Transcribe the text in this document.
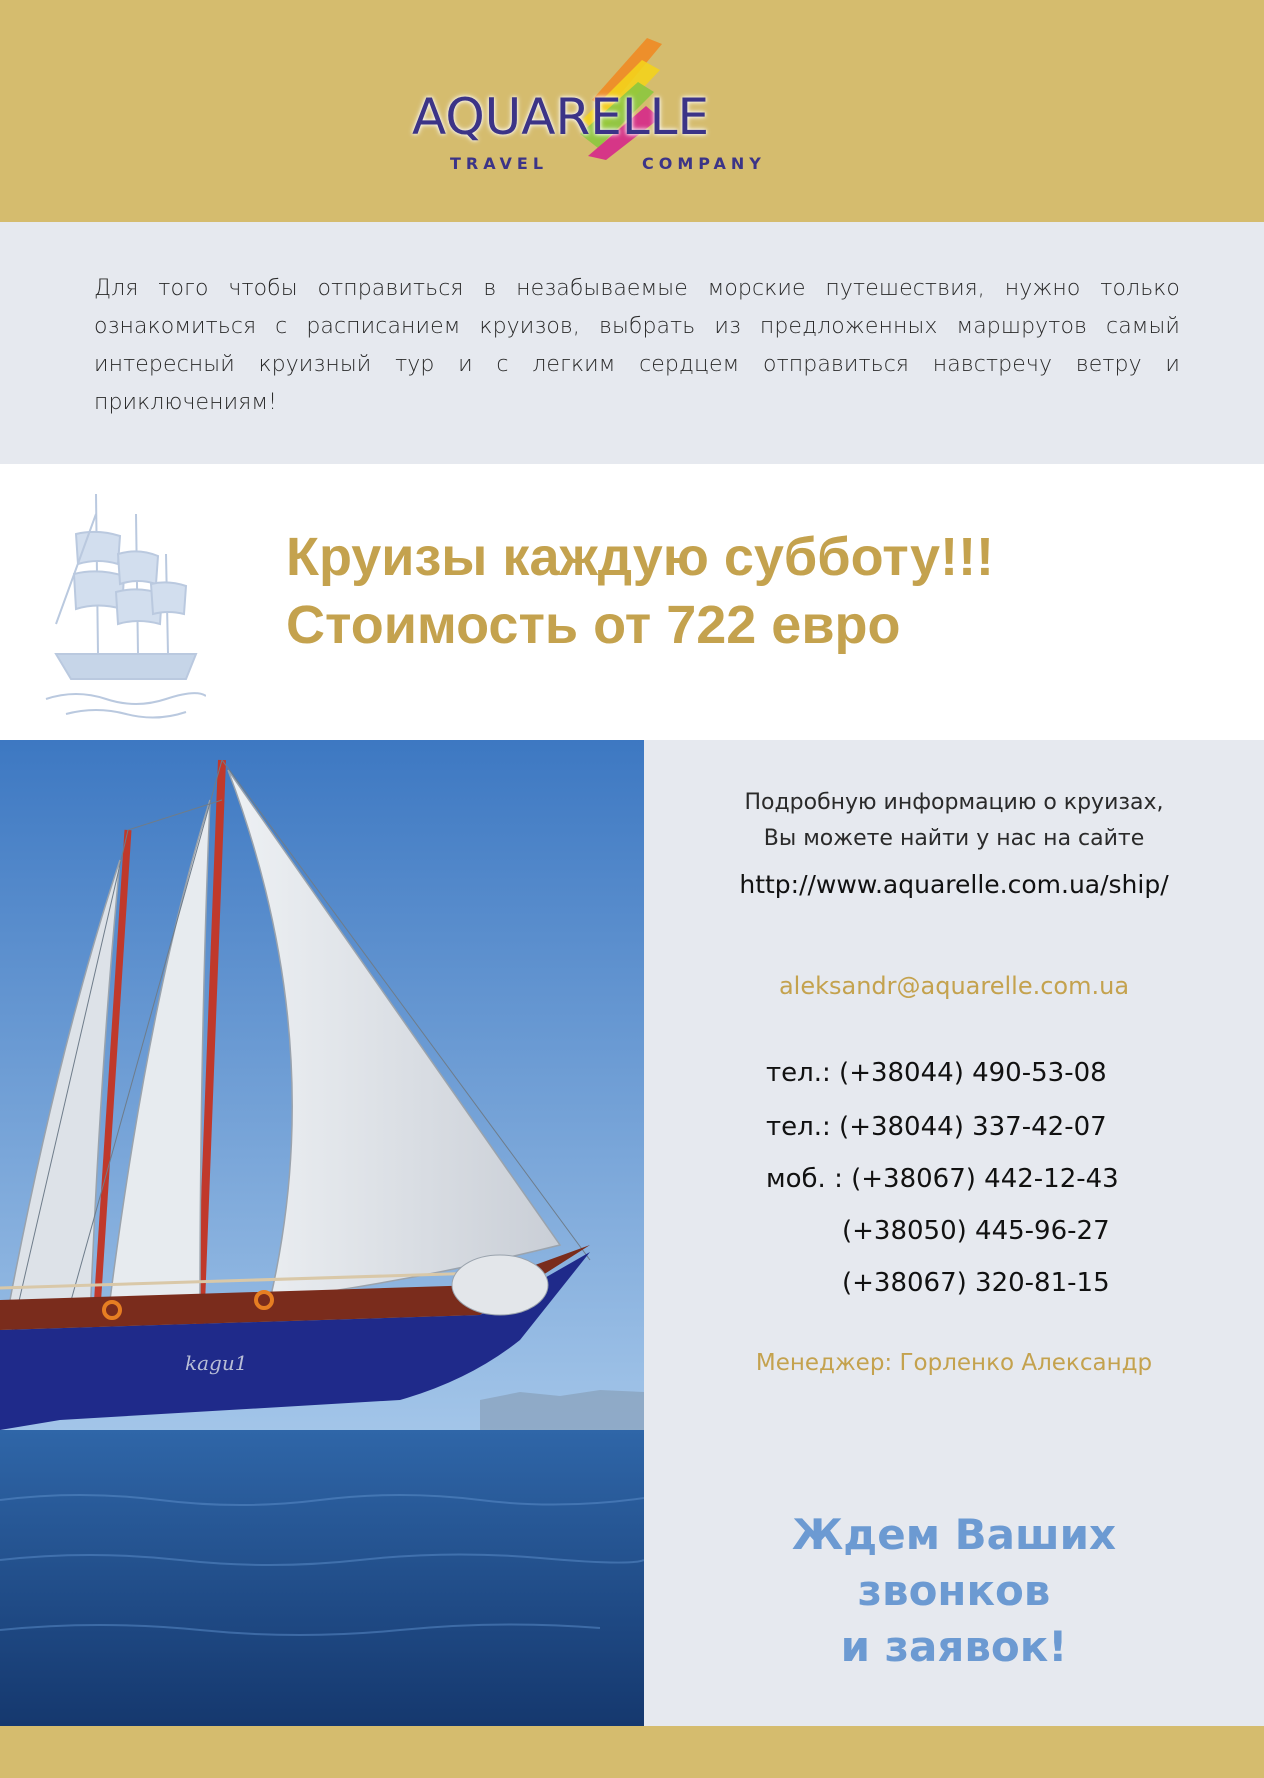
AQUARELLE
TRAVEL	COMPANY

Для того чтобы отправиться в незабываемые морские путешествия, нужно только ознакомиться с расписанием круизов, выбрать из предложенных маршрутов самый интересный круизный тур и с легким сердцем отправиться навстречу ветру и приключениям!

Круизы каждую субботу!!!
Стоимость от 722 евро
kagu1
Подробную информацию о круизах,
Вы можете найти у нас на сайте
http://www.aquarelle.com.ua/ship/
aleksandr@aquarelle.com.ua
тел.: (+38044) 490-53-08
тел.: (+38044) 337-42-07
моб. : (+38067) 442-12-43
(+38050) 445-96-27
(+38067) 320-81-15
Менеджер: Горленко Александр
Ждем Ваших
звонков
и заявок!
